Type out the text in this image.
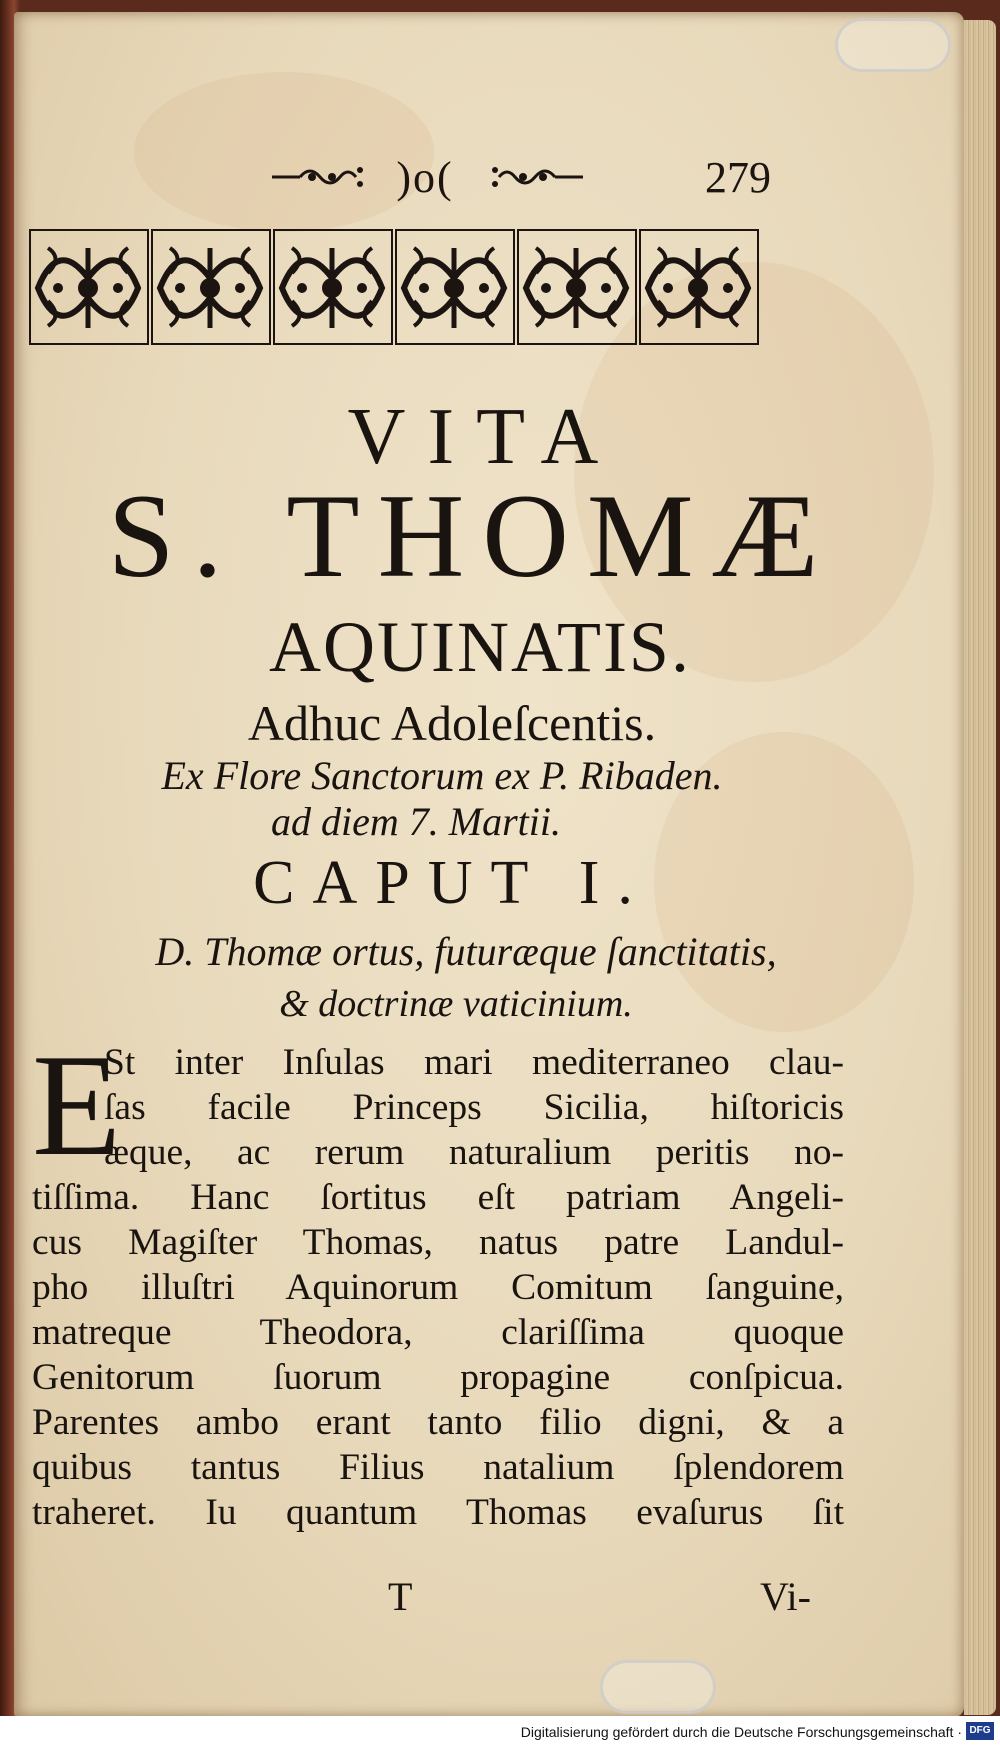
)o(	279
VITA
S. THOMÆ
AQUINATIS.
Adhuc Adoleſcentis.
Ex Flore Sanctorum ex P. Ribaden.
ad diem 7. Martii.
CAPUT I.
D. Thomæ ortus, futuræque ſanctitatis,
& doctrinæ vaticinium.
E
St inter Inſulas mari mediterraneo clau-
ſas facile Princeps Sicilia, hiſtoricis
æque, ac rerum naturalium peritis no-
tiſſima. Hanc ſortitus eſt patriam Angeli-
cus Magiſter Thomas, natus patre Landul-
pho illuſtri Aquinorum Comitum ſanguine,
matreque Theodora, clariſſima quoque
Genitorum ſuorum propagine conſpicua.
Parentes ambo erant tanto filio digni, & a
quibus tantus Filius natalium ſplendorem
traheret. Iu quantum Thomas evaſurus ſit
T	Vi-
Digitalisierung gefördert durch die Deutsche Forschungsgemeinschaft · DFG
